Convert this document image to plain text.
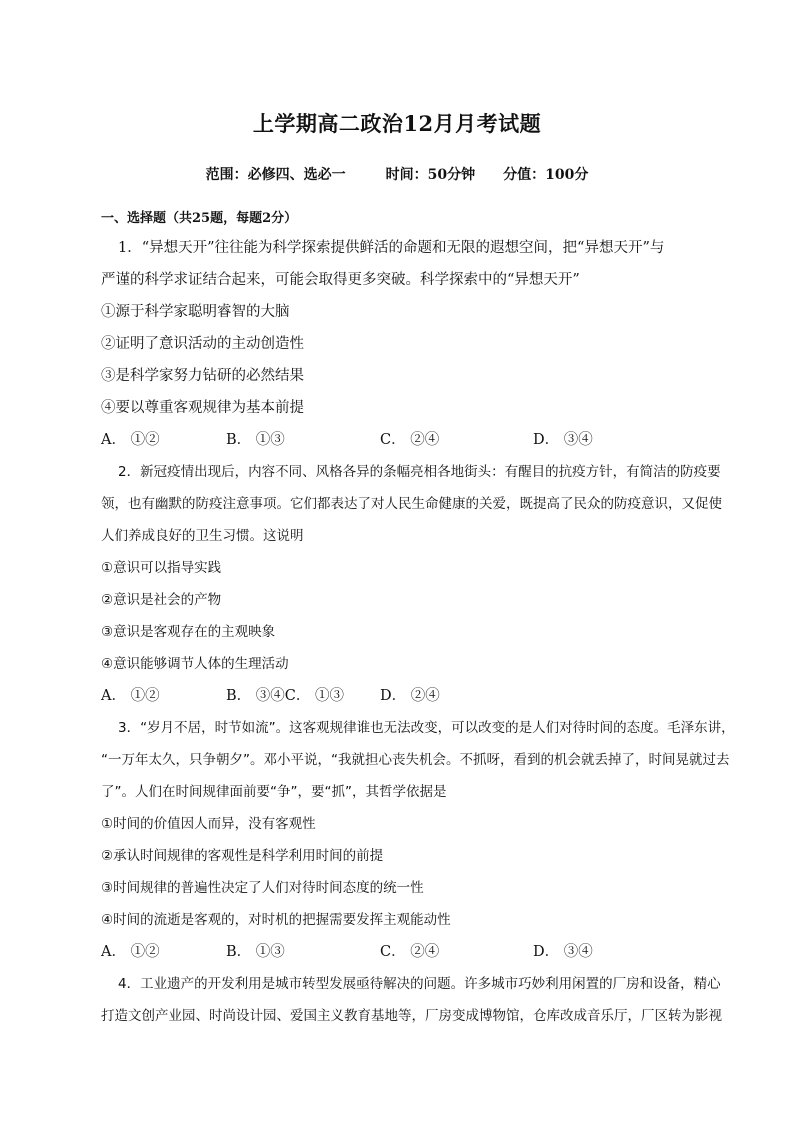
上学期高二政治12月月考试题
范围：必修四、选必一	时间：50分钟 分值：100分
一、选择题（共25题，每题2分）
1．“异想天开”往往能为科学探索提供鲜活的命题和无限的遐想空间，把“异想天开”与
严谨的科学求证结合起来，可能会取得更多突破。科学探索中的“异想天开”
①源于科学家聪明睿智的大脑
②证明了意识活动的主动创造性
③是科学家努力钻研的必然结果
④要以尊重客观规律为基本前提
A． ①②	B． ①③	C． ②④	D． ③④
2．新冠疫情出现后，内容不同、风格各异的条幅亮相各地街头：有醒目的抗疫方针，有简洁的防疫要
领，也有幽默的防疫注意事项。它们都表达了对人民生命健康的关爱，既提高了民众的防疫意识，又促使
人们养成良好的卫生习惯。这说明
①意识可以指导实践
②意识是社会的产物
③意识是客观存在的主观映象
④意识能够调节人体的生理活动
A． ①②	B． ③④C． ①③ D． ②④
3．“岁月不居，时节如流”。这客观规律谁也无法改变，可以改变的是人们对待时间的态度。毛泽东讲，
“一万年太久，只争朝夕”。邓小平说，“我就担心丧失机会。不抓呀，看到的机会就丢掉了，时间晃就过去
了”。人们在时间规律面前要“争”，要“抓”，其哲学依据是
①时间的价值因人而异，没有客观性
②承认时间规律的客观性是科学利用时间的前提
③时间规律的普遍性决定了人们对待时间态度的统一性
④时间的流逝是客观的，对时机的把握需要发挥主观能动性
A． ①②	B． ①③	C． ②④	D． ③④
4．工业遗产的开发利用是城市转型发展亟待解决的问题。许多城市巧妙利用闲置的厂房和设备，精心
打造文创产业园、时尚设计园、爱国主义教育基地等，厂房变成博物馆，仓库改成音乐厅，厂区转为影视
